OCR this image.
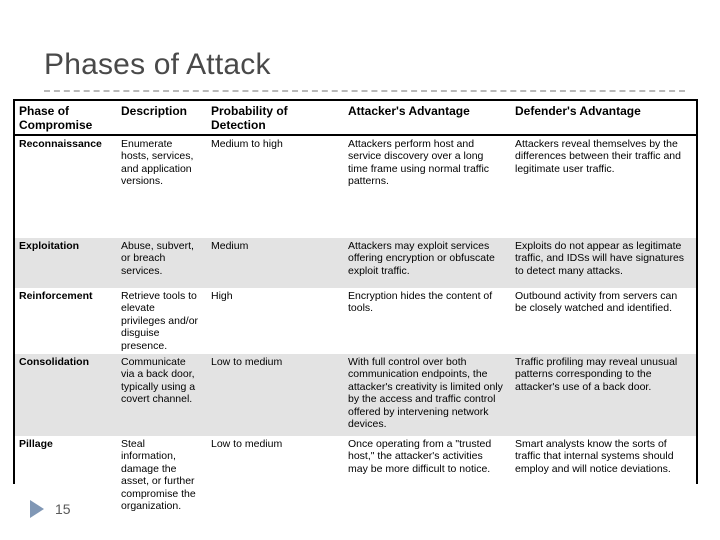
Phases of Attack
Phase of Compromise	Description	Probability of Detection	Attacker's Advantage	Defender's Advantage
Reconnaissance	Enumerate hosts, services, and application versions.	Medium to high	Attackers perform host and service discovery over a long time frame using normal traffic patterns.	Attackers reveal themselves by the differences between their traffic and legitimate user traffic.
Exploitation	Abuse, subvert, or breach services.	Medium	Attackers may exploit services offering encryption or obfuscate exploit traffic.	Exploits do not appear as legitimate traffic, and IDSs will have signatures to detect many attacks.
Reinforcement	Retrieve tools to elevate privileges and/or disguise presence.	High	Encryption hides the content of tools.	Outbound activity from servers can be closely watched and identified.
Consolidation	Communicate via a back door, typically using a covert channel.	Low to medium	With full control over both communication endpoints, the attacker's creativity is limited only by the access and traffic control offered by intervening network devices.	Traffic profiling may reveal unusual patterns corresponding to the attacker's use of a back door.
Pillage	Steal information, damage the asset, or further compromise the organization.	Low to medium	Once operating from a "trusted host," the attacker's activities may be more difficult to notice.	Smart analysts know the sorts of traffic that internal systems should employ and will notice deviations.
15
